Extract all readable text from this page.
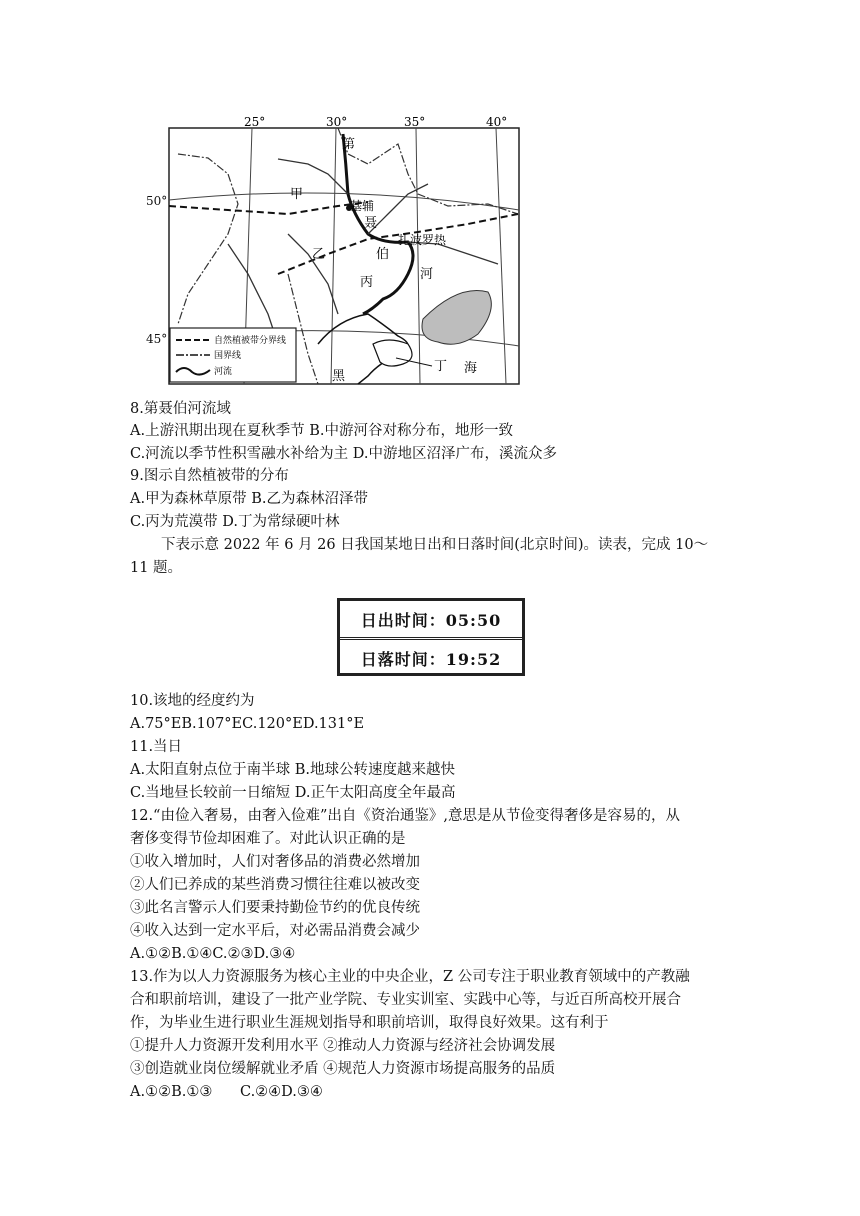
25°	30°	35°	40°
第
甲
基辅
聂
扎波罗热
乙	伯
河
丙
丁
黑
海
自然植被带分界线
国界线
河流
50°
45°
8.第聂伯河流域
A.上游汛期出现在夏秋季节 B.中游河谷对称分布，地形一致
C.河流以季节性积雪融水补给为主 D.中游地区沼泽广布，溪流众多
9.图示自然植被带的分布
A.甲为森林草原带 B.乙为森林沼泽带
C.丙为荒漠带 D.丁为常绿硬叶林
下表示意 2022 年 6 月 26 日我国某地日出和日落时间(北京时间)。读表，完成 10～
11 题。
日出时间：05:50
日落时间：19:52
10.该地的经度约为
A.75°EB.107°EC.120°ED.131°E
11.当日
A.太阳直射点位于南半球 B.地球公转速度越来越快
C.当地昼长较前一日缩短 D.正午太阳高度全年最高
12.“由俭入奢易，由奢入俭难”出自《资治通鉴》,意思是从节俭变得奢侈是容易的，从
奢侈变得节俭却困难了。对此认识正确的是
①收入增加时，人们对奢侈品的消费必然增加
②人们已养成的某些消费习惯往往难以被改变
③此名言警示人们要秉持勤俭节约的优良传统
④收入达到一定水平后，对必需品消费会减少
A.①②B.①④C.②③D.③④
13.作为以人力资源服务为核心主业的中央企业，Z 公司专注于职业教育领域中的产教融
合和职前培训，建设了一批产业学院、专业实训室、实践中心等，与近百所高校开展合
作，为毕业生进行职业生涯规划指导和职前培训，取得良好效果。这有利于
①提升人力资源开发利用水平 ②推动人力资源与经济社会协调发展
③创造就业岗位缓解就业矛盾 ④规范人力资源市场提高服务的品质
A.①②B.①③      C.②④D.③④
